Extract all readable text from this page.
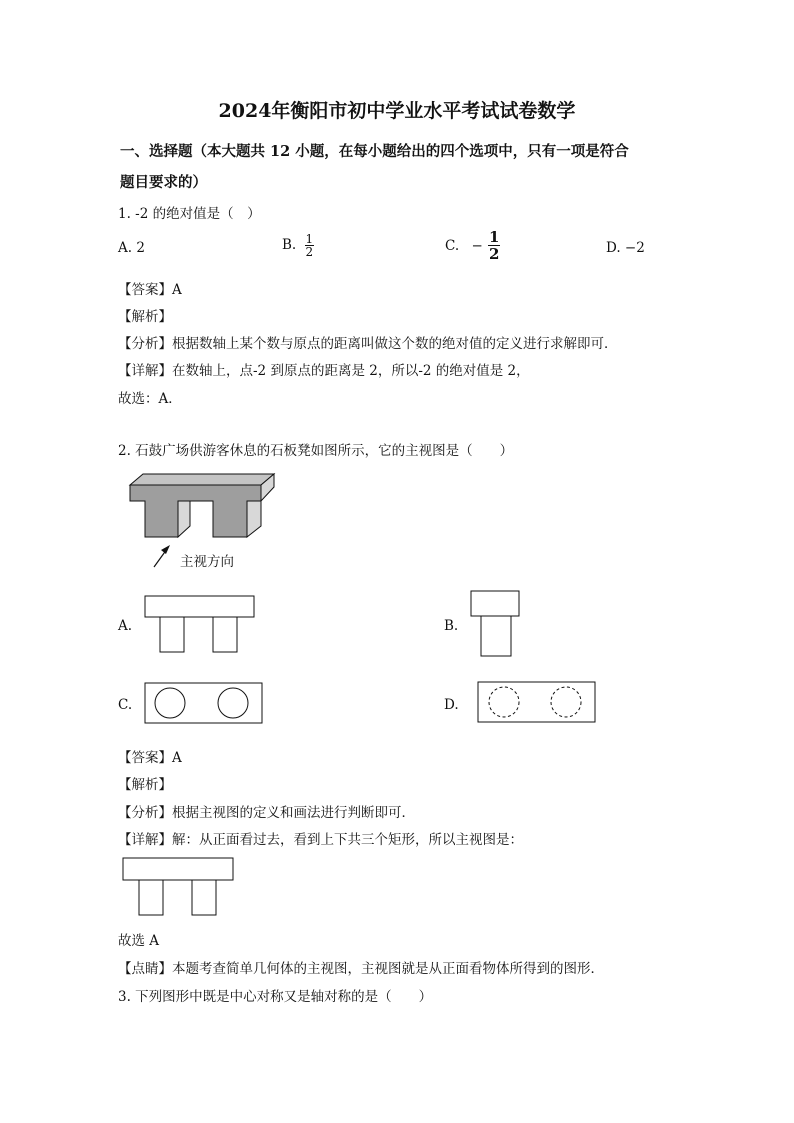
2024年衡阳市初中学业水平考试试卷数学
一、选择题（本大题共 12 小题，在每小题给出的四个选项中，只有一项是符合
题目要求的）
1. -2 的绝对值是（　）
A. 2	B. $\frac{1}{2}$	C. − $\frac{1}{2}$	D. −2
【答案】A
【解析】
【分析】根据数轴上某个数与原点的距离叫做这个数的绝对值的定义进行求解即可．
【详解】在数轴上，点-2 到原点的距离是 2，所以-2 的绝对值是 2，
故选：A．
2. 石鼓广场供游客休息的石板凳如图所示，它的主视图是（　　）
主视方向
A.	B.
C.	D.
【答案】A
【解析】
【分析】根据主视图的定义和画法进行判断即可．
【详解】解：从正面看过去，看到上下共三个矩形，所以主视图是：
故选 A
【点睛】本题考查简单几何体的主视图，主视图就是从正面看物体所得到的图形．
3. 下列图形中既是中心对称又是轴对称的是（　　）
